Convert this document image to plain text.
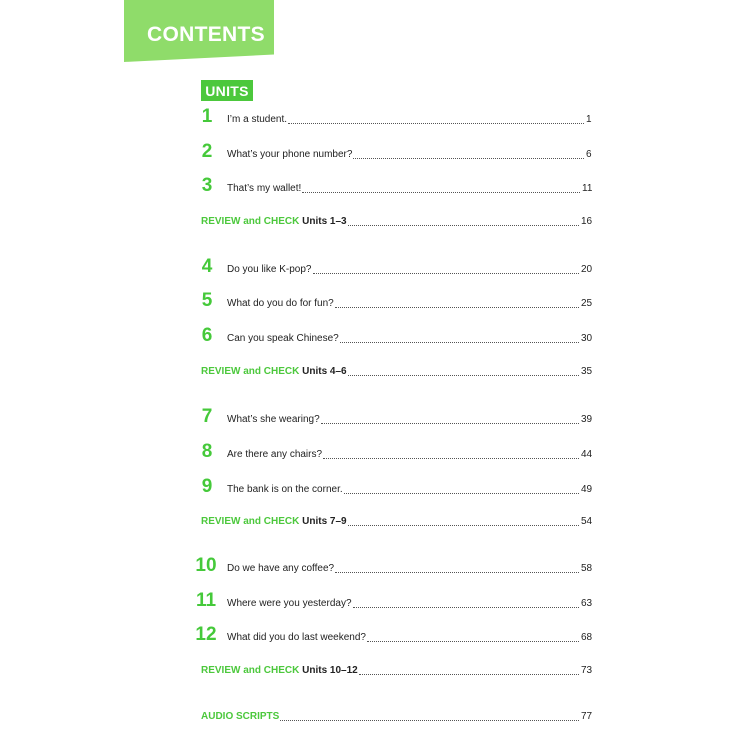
CONTENTS
UNITS
1	I’m a student.	1
2	What’s your phone number?	6
3	That’s my wallet!	11
REVIEW and CHECK Units 1–3	16
4	Do you like K-pop?	20
5	What do you do for fun?	25
6	Can you speak Chinese?	30
REVIEW and CHECK Units 4–6	35
7	What’s she wearing?	39
8	Are there any chairs?	44
9	The bank is on the corner.	49
REVIEW and CHECK Units 7–9	54
10	Do we have any coffee?	58
11	Where were you yesterday?	63
12	What did you do last weekend?	68
REVIEW and CHECK Units 10–12	73
AUDIO SCRIPTS	77
